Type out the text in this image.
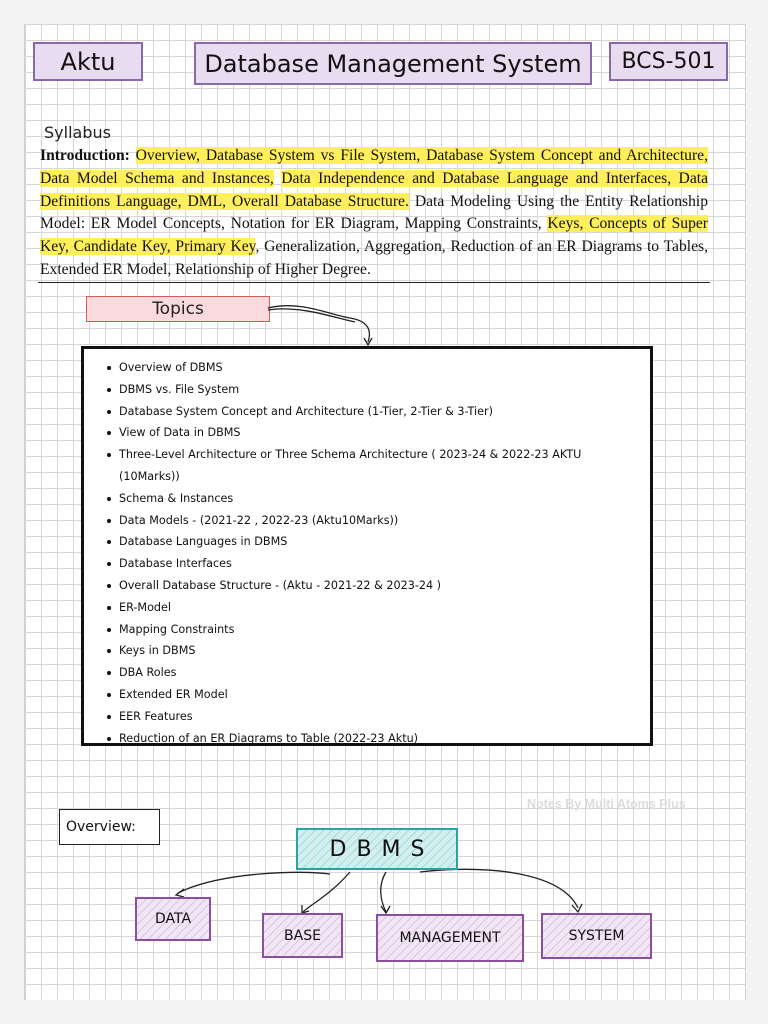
Aktu	Database Management System	BCS-501
Syllabus
Introduction: Overview, Database System vs File System, Database System Concept and Architecture, Data Model Schema and Instances, Data Independence and Database Language and Interfaces, Data Definitions Language, DML, Overall Database Structure. Data Modeling Using the Entity Relationship Model: ER Model Concepts, Notation for ER Diagram, Mapping Constraints, Keys, Concepts of Super Key, Candidate Key, Primary Key, Generalization, Aggregation, Reduction of an ER Diagrams to Tables, Extended ER Model, Relationship of Higher Degree.
Topics
Overview of DBMS
DBMS vs. File System
Database System Concept and Architecture (1-Tier, 2-Tier & 3-Tier)
View of Data in DBMS
Three-Level Architecture or Three Schema Architecture ( 2023-24 & 2022-23 AKTU (10Marks))
Schema & Instances
Data Models - (2021-22 , 2022-23 (Aktu10Marks))
Database Languages in DBMS
Database Interfaces
Overall Database Structure - (Aktu - 2021-22 & 2023-24 )
ER-Model
Mapping Constraints
Keys in DBMS
DBA Roles
Extended ER Model
EER Features
Reduction of an ER Diagrams to Table (2022-23 Aktu)
Notes By Multi Atoms Plus
Overview:
DBMS
DATA
BASE	MANAGEMENT	SYSTEM
